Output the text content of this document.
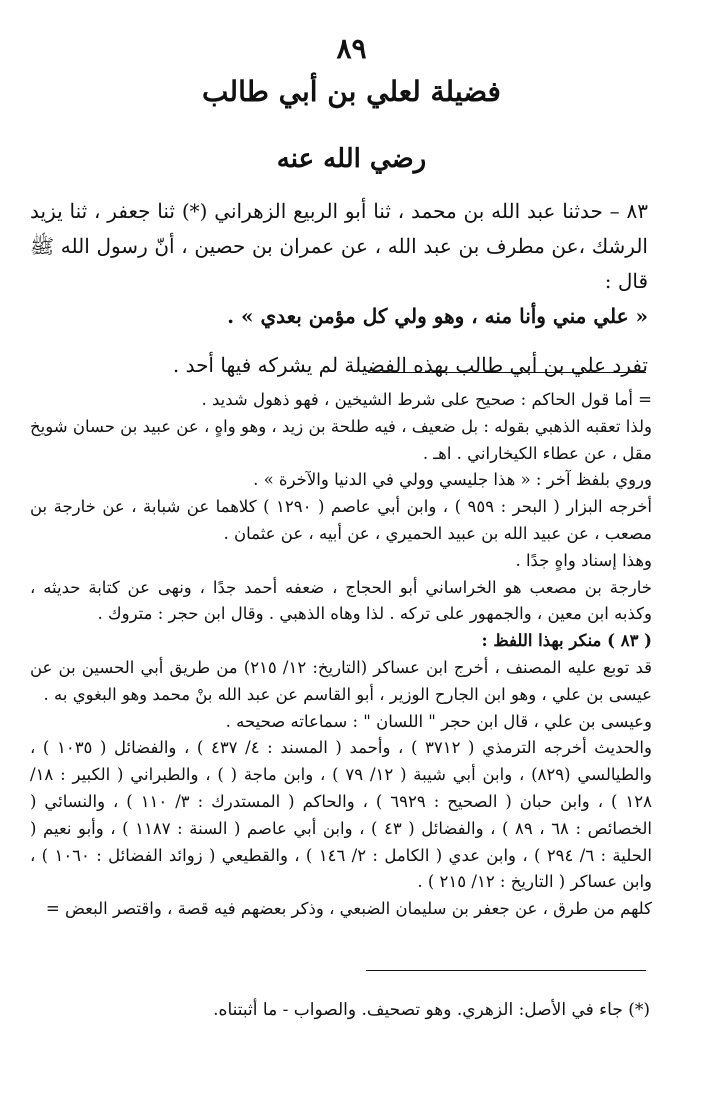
٨٩
فضيلة لعلي بن أبي طالب
رضي الله عنه

٨٣ – حدثنا عبد الله بن محمد ، ثنا أبو الربيع الزهراني (*) ثنا جعفر ، ثنا يزيد الرشك ،عن مطرف بن عبد الله ، عن عمران بن حصين ، أنّ رسول الله ﷺ قال :

« علي مني وأنا منه ، وهو ولي كل مؤمن بعدي » .

تفرد علي بن أبي طالب بهذه الفضيلة لم يشركه فيها أحد .

= أما قول الحاكم : صحيح على شرط الشيخين ، فهو ذهول شديد .

ولذا تعقبه الذهبي بقوله : بل ضعيف ، فيه طلحة بن زيد ، وهو واهٍ ، عن عبيد بن حسان شويخ مقل ، عن عطاء الكيخاراني . اهـ .

وروي بلفظ آخر : « هذا جليسي وولي في الدنيا والآخرة » .

أخرجه البزار ( البحر : ٩٥٩ ) ، وابن أبي عاصم ( ١٢٩٠ ) كلاهما عن شبابة ، عن خارجة بن مصعب ، عن عبيد الله بن عبيد الحميري ، عن أبيه ، عن عثمان .

وهذا إسناد واهٍ جدًا .

خارجة بن مصعب هو الخراساني أبو الحجاج ، ضعفه أحمد جدًا ، ونهى عن كتابة حديثه ، وكذبه ابن معين ، والجمهور على تركه . لذا وهاه الذهبي . وقال ابن حجر : متروك .

( ٨٣ ) منكر بهذا اللفظ :

قد توبع عليه المصنف ، أخرج ابن عساكر (التاريخ: ١٢/ ٢١٥) من طريق أبي الحسين بن عن عيسى بن علي ، وهو ابن الجارح الوزير ، أبو القاسم عن عبد الله بنْ محمد وهو البغوي به .

وعيسى بن علي ، قال ابن حجر " اللسان " : سماعاته صحيحه .

والحديث أخرجه الترمذي ( ٣٧١٢ ) ، وأحمد ( المسند : ٤/ ٤٣٧ ) ، والفضائل ( ١٠٣٥ ) ، والطيالسي (٨٢٩) ، وابن أبي شيبة ( ١٢/ ٧٩ ) ، وابن ماجة ( ) ، والطبراني ( الكبير : ١٨/ ١٢٨ ) ، وابن حبان ( الصحيح : ٦٩٢٩ ) ، والحاكم ( المستدرك : ٣/ ١١٠ ) ، والنسائي ( الخصائص : ٦٨ ، ٨٩ ) ، والفضائل ( ٤٣ ) ، وابن أبي عاصم ( السنة : ١١٨٧ ) ، وأبو نعيم ( الحلية : ٦/ ٢٩٤ ) ، وابن عدي ( الكامل : ٢/ ١٤٦ ) ، والقطيعي ( زوائد الفضائل : ١٠٦٠ ) ، وابن عساكر ( التاريخ : ١٢/ ٢١٥ ) .

كلهم من طرق ، عن جعفر بن سليمان الضبعي ، وذكر بعضهم فيه قصة ، واقتصر البعض =

(*) جاء في الأصل: الزهري. وهو تصحيف. والصواب - ما أثبتناه.
